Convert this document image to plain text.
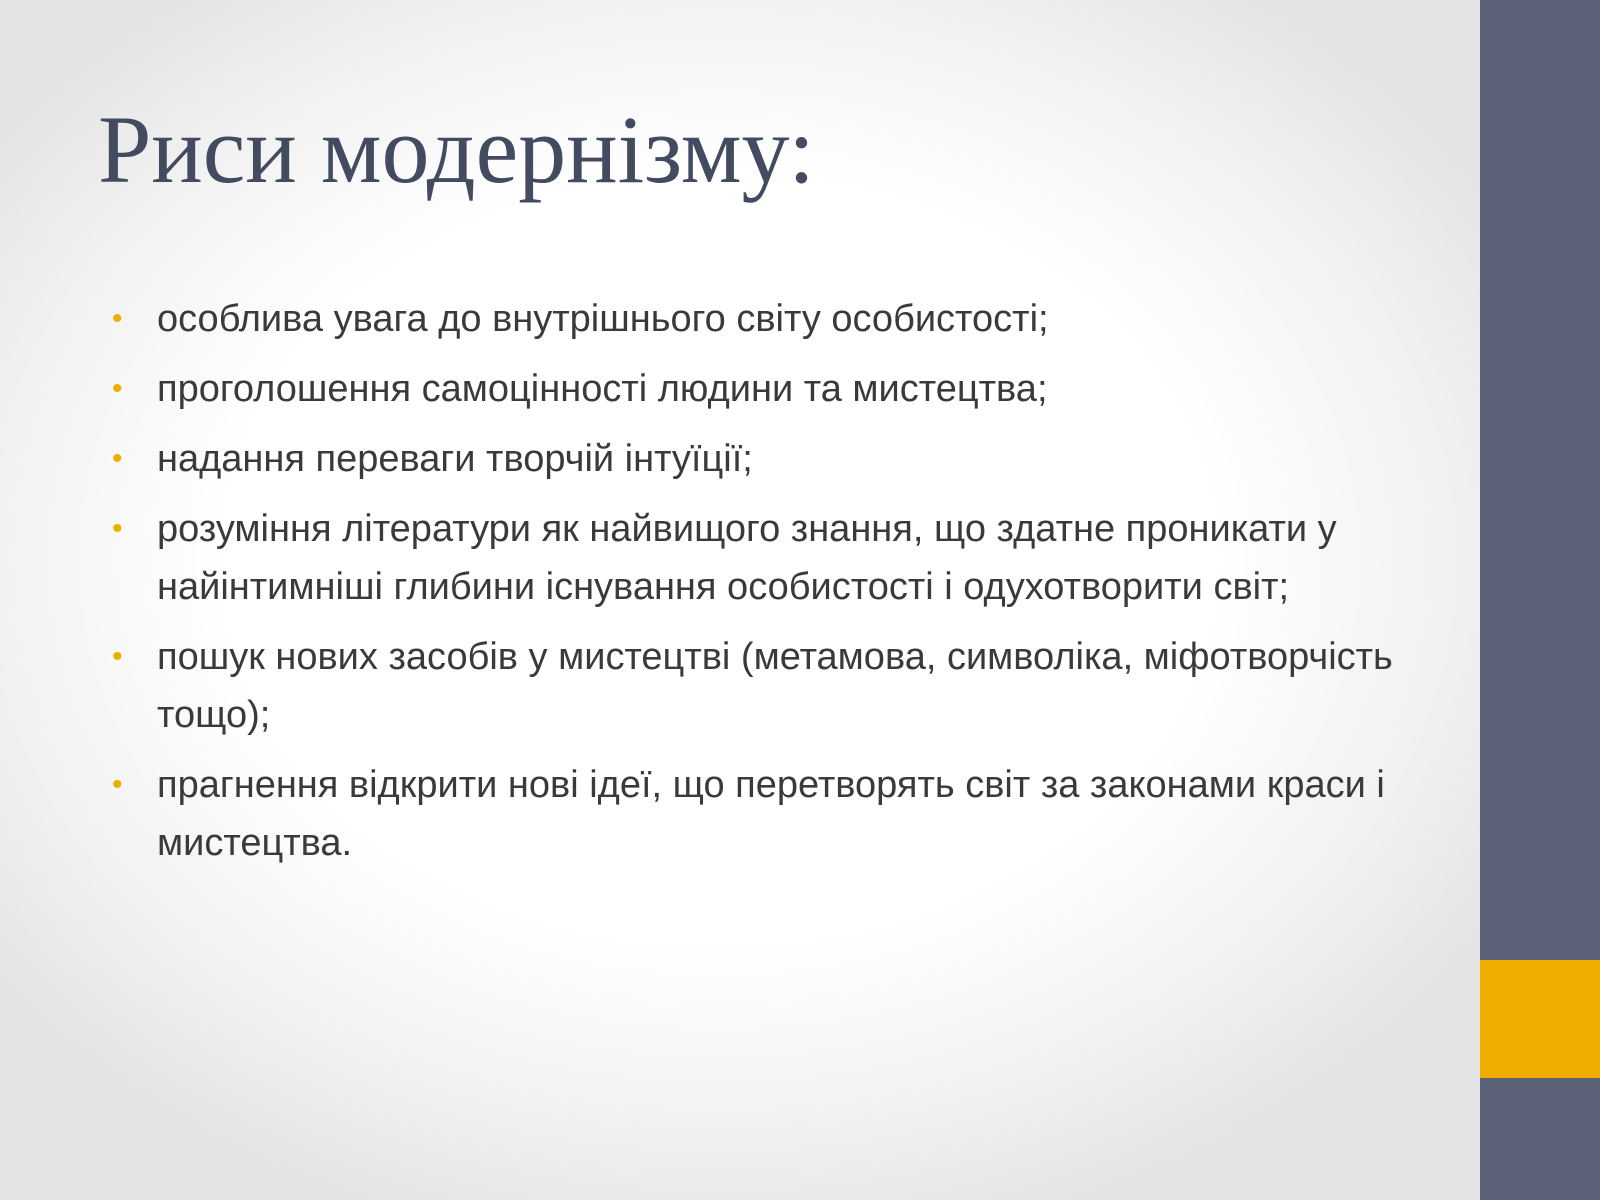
Риси модернізму:
• особлива увага до внутрішнього світу особистості;
• проголошення самоцінності людини та мистецтва;
• надання переваги творчій інтуїції;
• розуміння літератури як найвищого знання, що здатне проникати у найінтимніші глибини існування особистості і одухотворити світ;
• пошук нових засобів у мистецтві (метамова, символіка, міфотворчість тощо);
• прагнення відкрити нові ідеї, що перетворять світ за законами краси і мистецтва.
